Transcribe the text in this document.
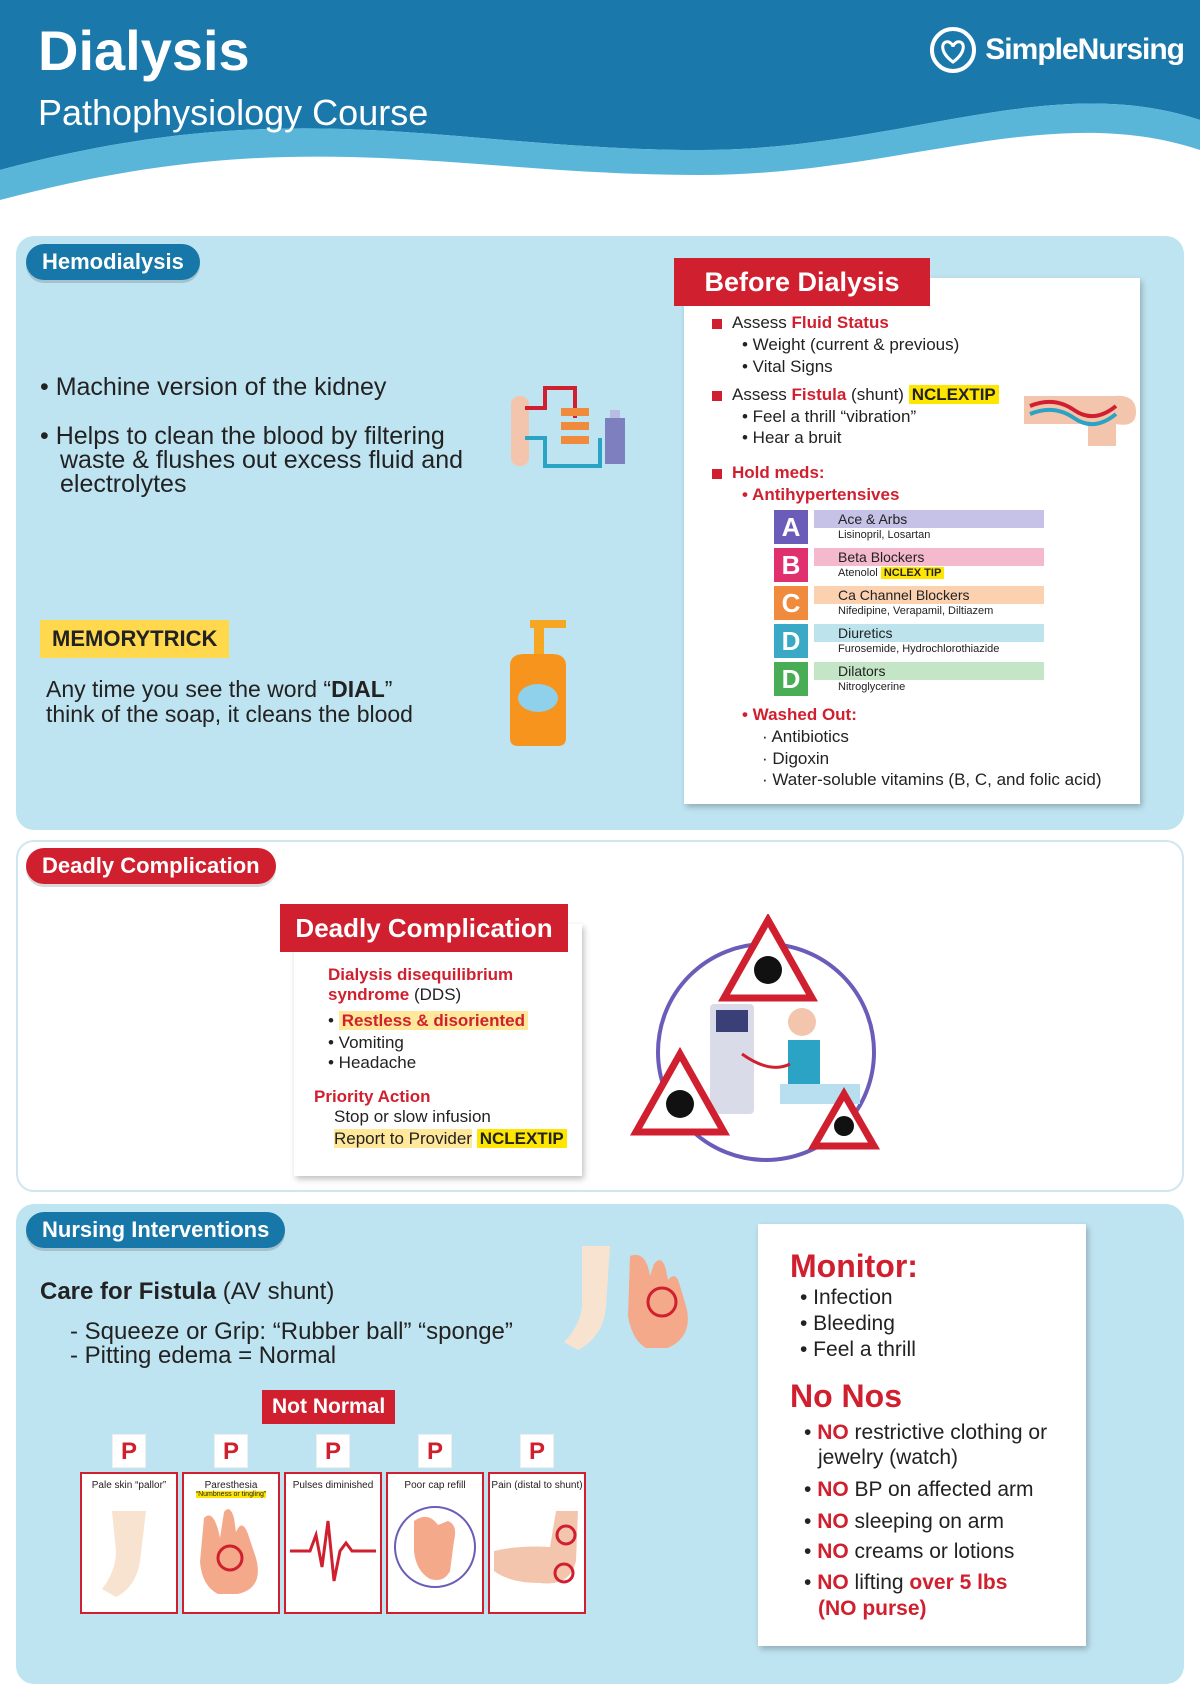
Dialysis
Pathophysiology Course
SimpleNursing
Hemodialysis
• Machine version of the kidney
• Helps to clean the blood by filtering
waste & flushes out excess fluid and
electrolytes
MEMORYTRICK
Any time you see the word “DIAL”
think of the soap, it cleans the blood
Before Dialysis
Assess Fluid Status
• Weight (current & previous)
• Vital Signs
Assess Fistula (shunt) NCLEXTIP
• Feel a thrill “vibration”
• Hear a bruit
Hold meds:
• Antihypertensives
A	Ace & Arbs
Lisinopril, Losartan
B	Beta Blockers
Atenolol NCLEX TIP
C	Ca Channel Blockers
Nifedipine, Verapamil, Diltiazem
D	Diuretics
Furosemide, Hydrochlorothiazide
D	Dilators
Nitroglycerine
• Washed Out:
· Antibiotics
· Digoxin
· Water-soluble vitamins (B, C, and folic acid)
Deadly Complication
Deadly Complication
Dialysis disequilibrium
syndrome (DDS)
• Restless & disoriented
• Vomiting
• Headache
Priority Action
Stop or slow infusion
Report to Provider NCLEXTIP
Nursing Interventions
Care for Fistula (AV shunt)
- Squeeze or Grip: “Rubber ball” “sponge”
- Pitting edema = Normal
Not Normal
P	P	P	P	P
Pale skin “pallor”	Paresthesia
“Numbness or tingling”
Pulses diminished	Poor cap refill	Pain (distal to shunt)
Monitor:
• Infection
• Bleeding
• Feel a thrill
No Nos
• NO restrictive clothing or
jewelry (watch)
• NO BP on affected arm
• NO sleeping on arm
• NO creams or lotions
• NO lifting over 5 lbs
(NO purse)
